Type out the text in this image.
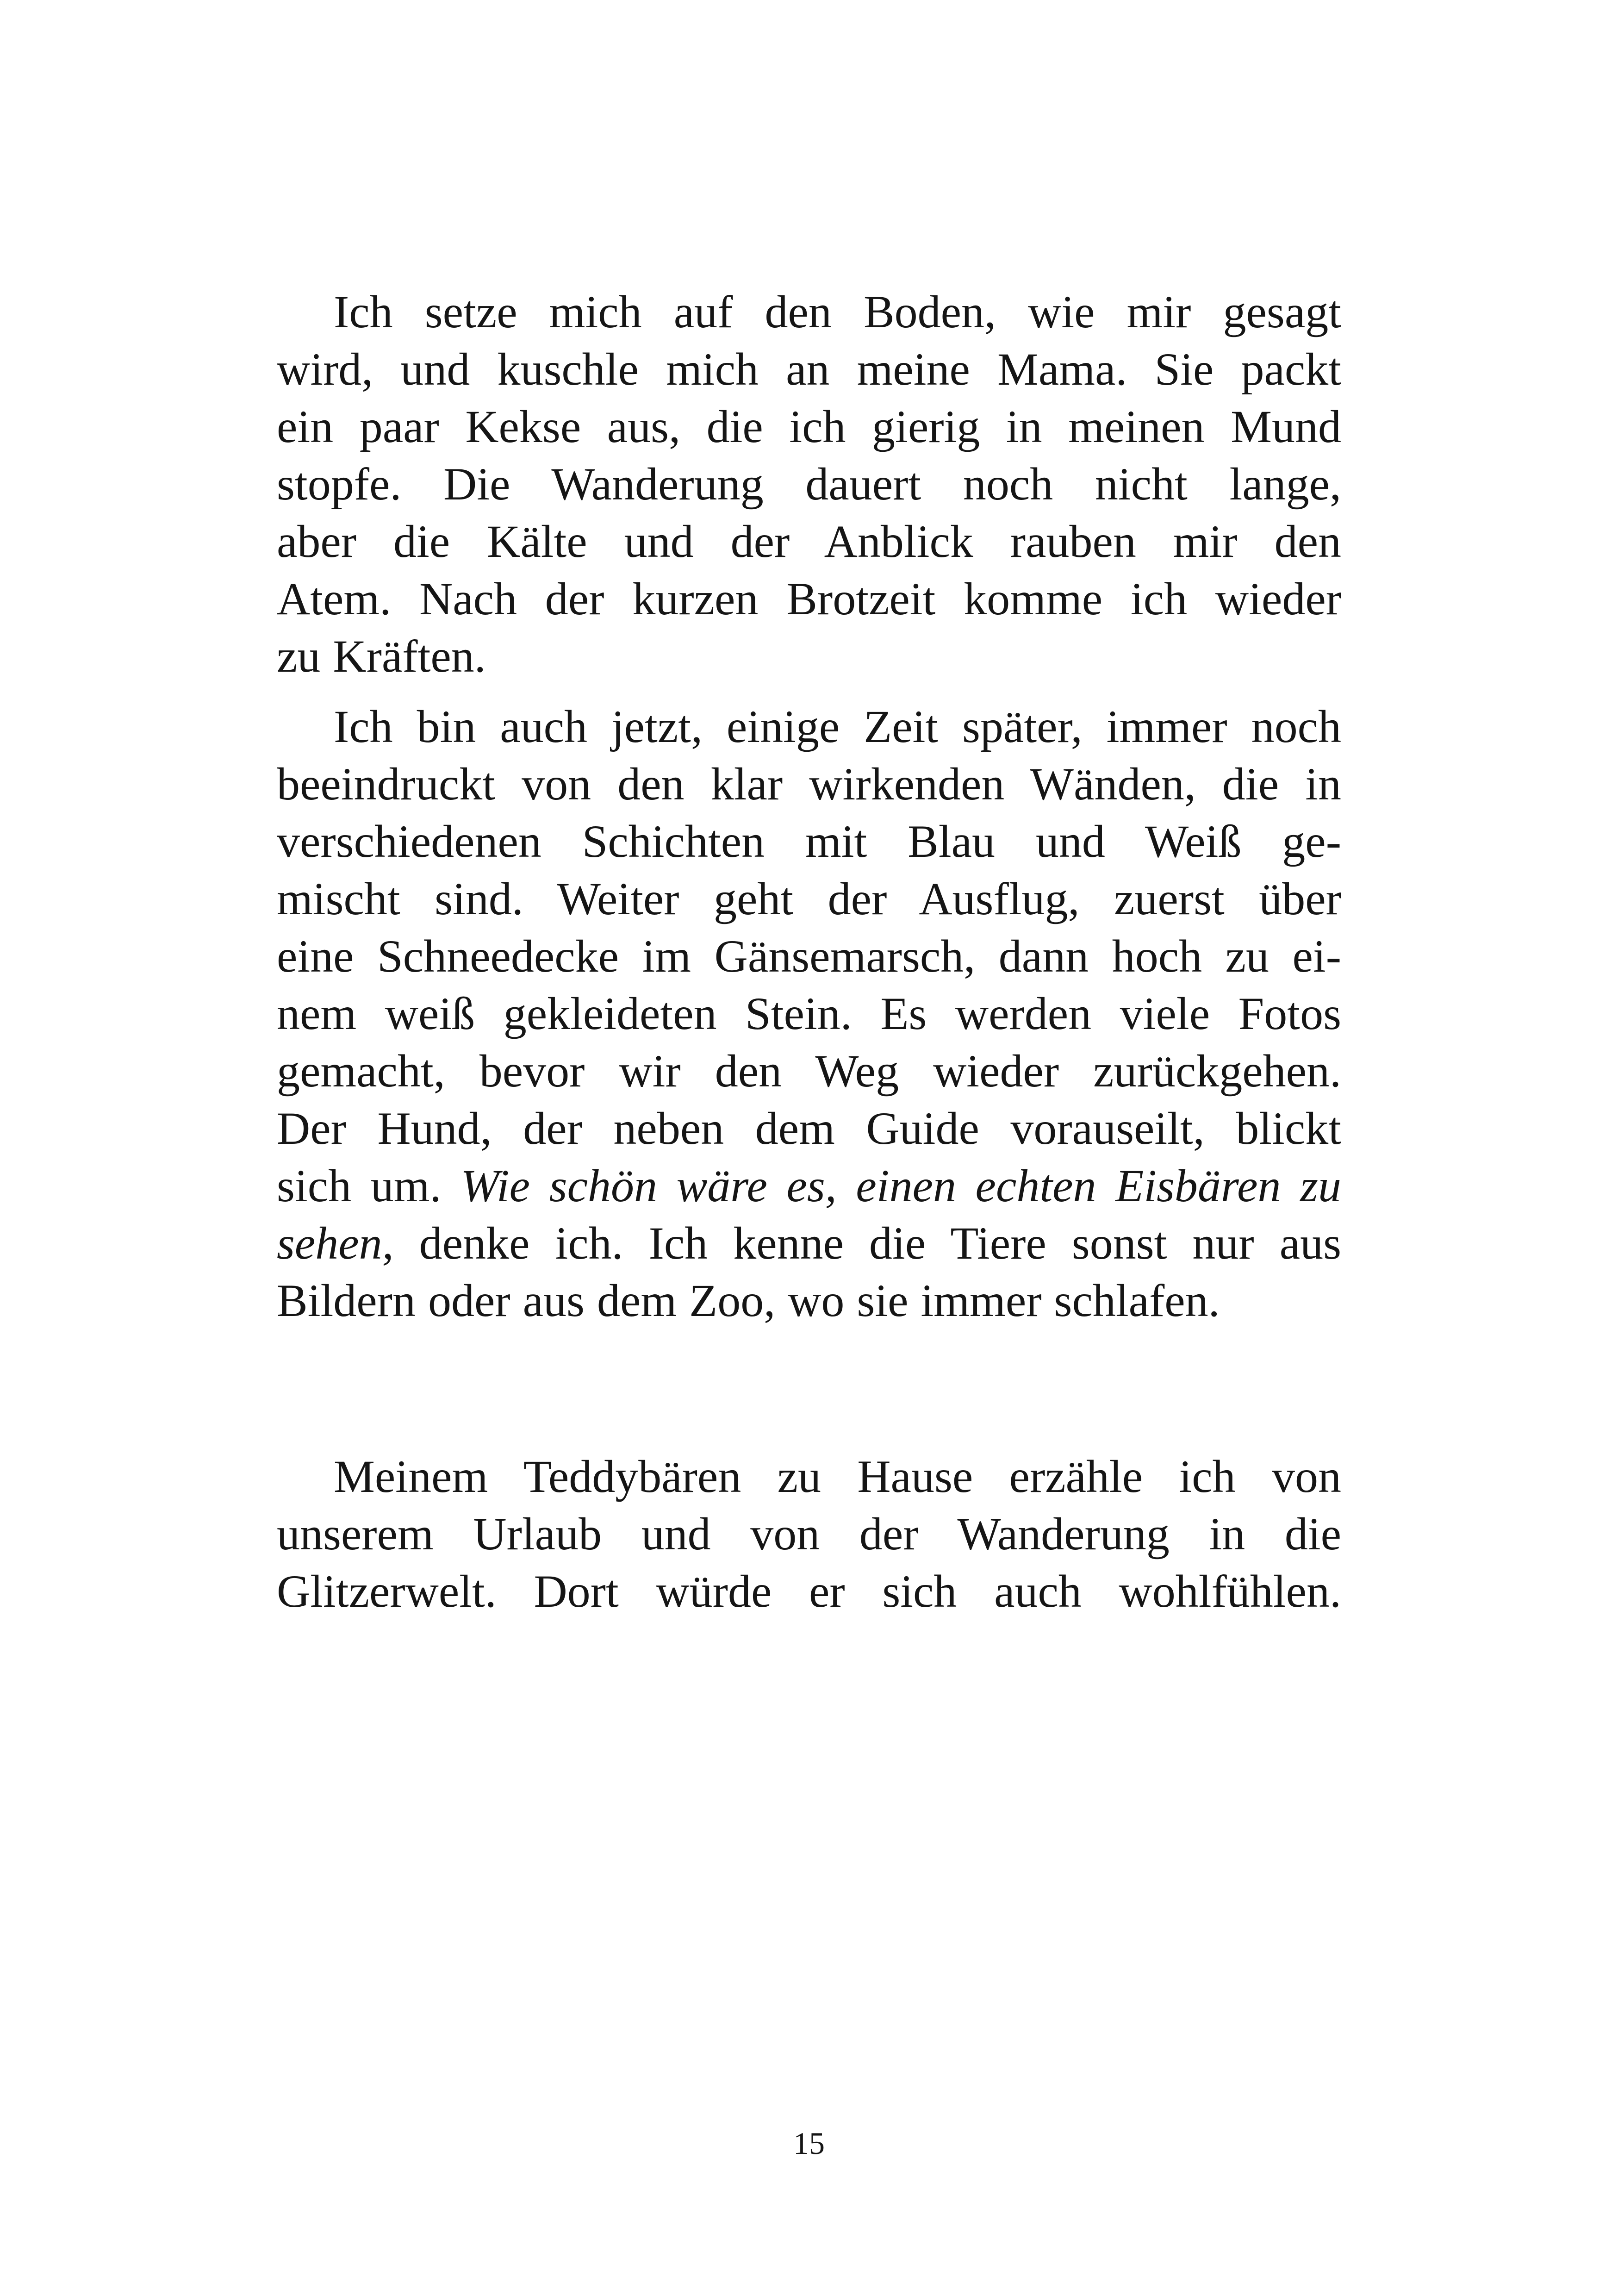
Ich setze mich auf den Boden, wie mir gesagt
wird, und kuschle mich an meine Mama. Sie packt
ein paar Kekse aus, die ich gierig in meinen Mund
stopfe. Die Wanderung dauert noch nicht lange,
aber die Kälte und der Anblick rauben mir den
Atem. Nach der kurzen Brotzeit komme ich wieder
zu Kräften.

Ich bin auch jetzt, einige Zeit später, immer noch
beeindruckt von den klar wirkenden Wänden, die in
verschiedenen Schichten mit Blau und Weiß ge-
mischt sind. Weiter geht der Ausflug, zuerst über
eine Schneedecke im Gänsemarsch, dann hoch zu ei-
nem weiß gekleideten Stein. Es werden viele Fotos
gemacht, bevor wir den Weg wieder zurückgehen.
Der Hund, der neben dem Guide vorauseilt, blickt
sich um. Wie schön wäre es, einen echten Eisbären zu
sehen, denke ich. Ich kenne die Tiere sonst nur aus
Bildern oder aus dem Zoo, wo sie immer schlafen.

Meinem Teddybären zu Hause erzähle ich von
unserem Urlaub und von der Wanderung in die
Glitzerwelt. Dort würde er sich auch wohlfühlen.

15
